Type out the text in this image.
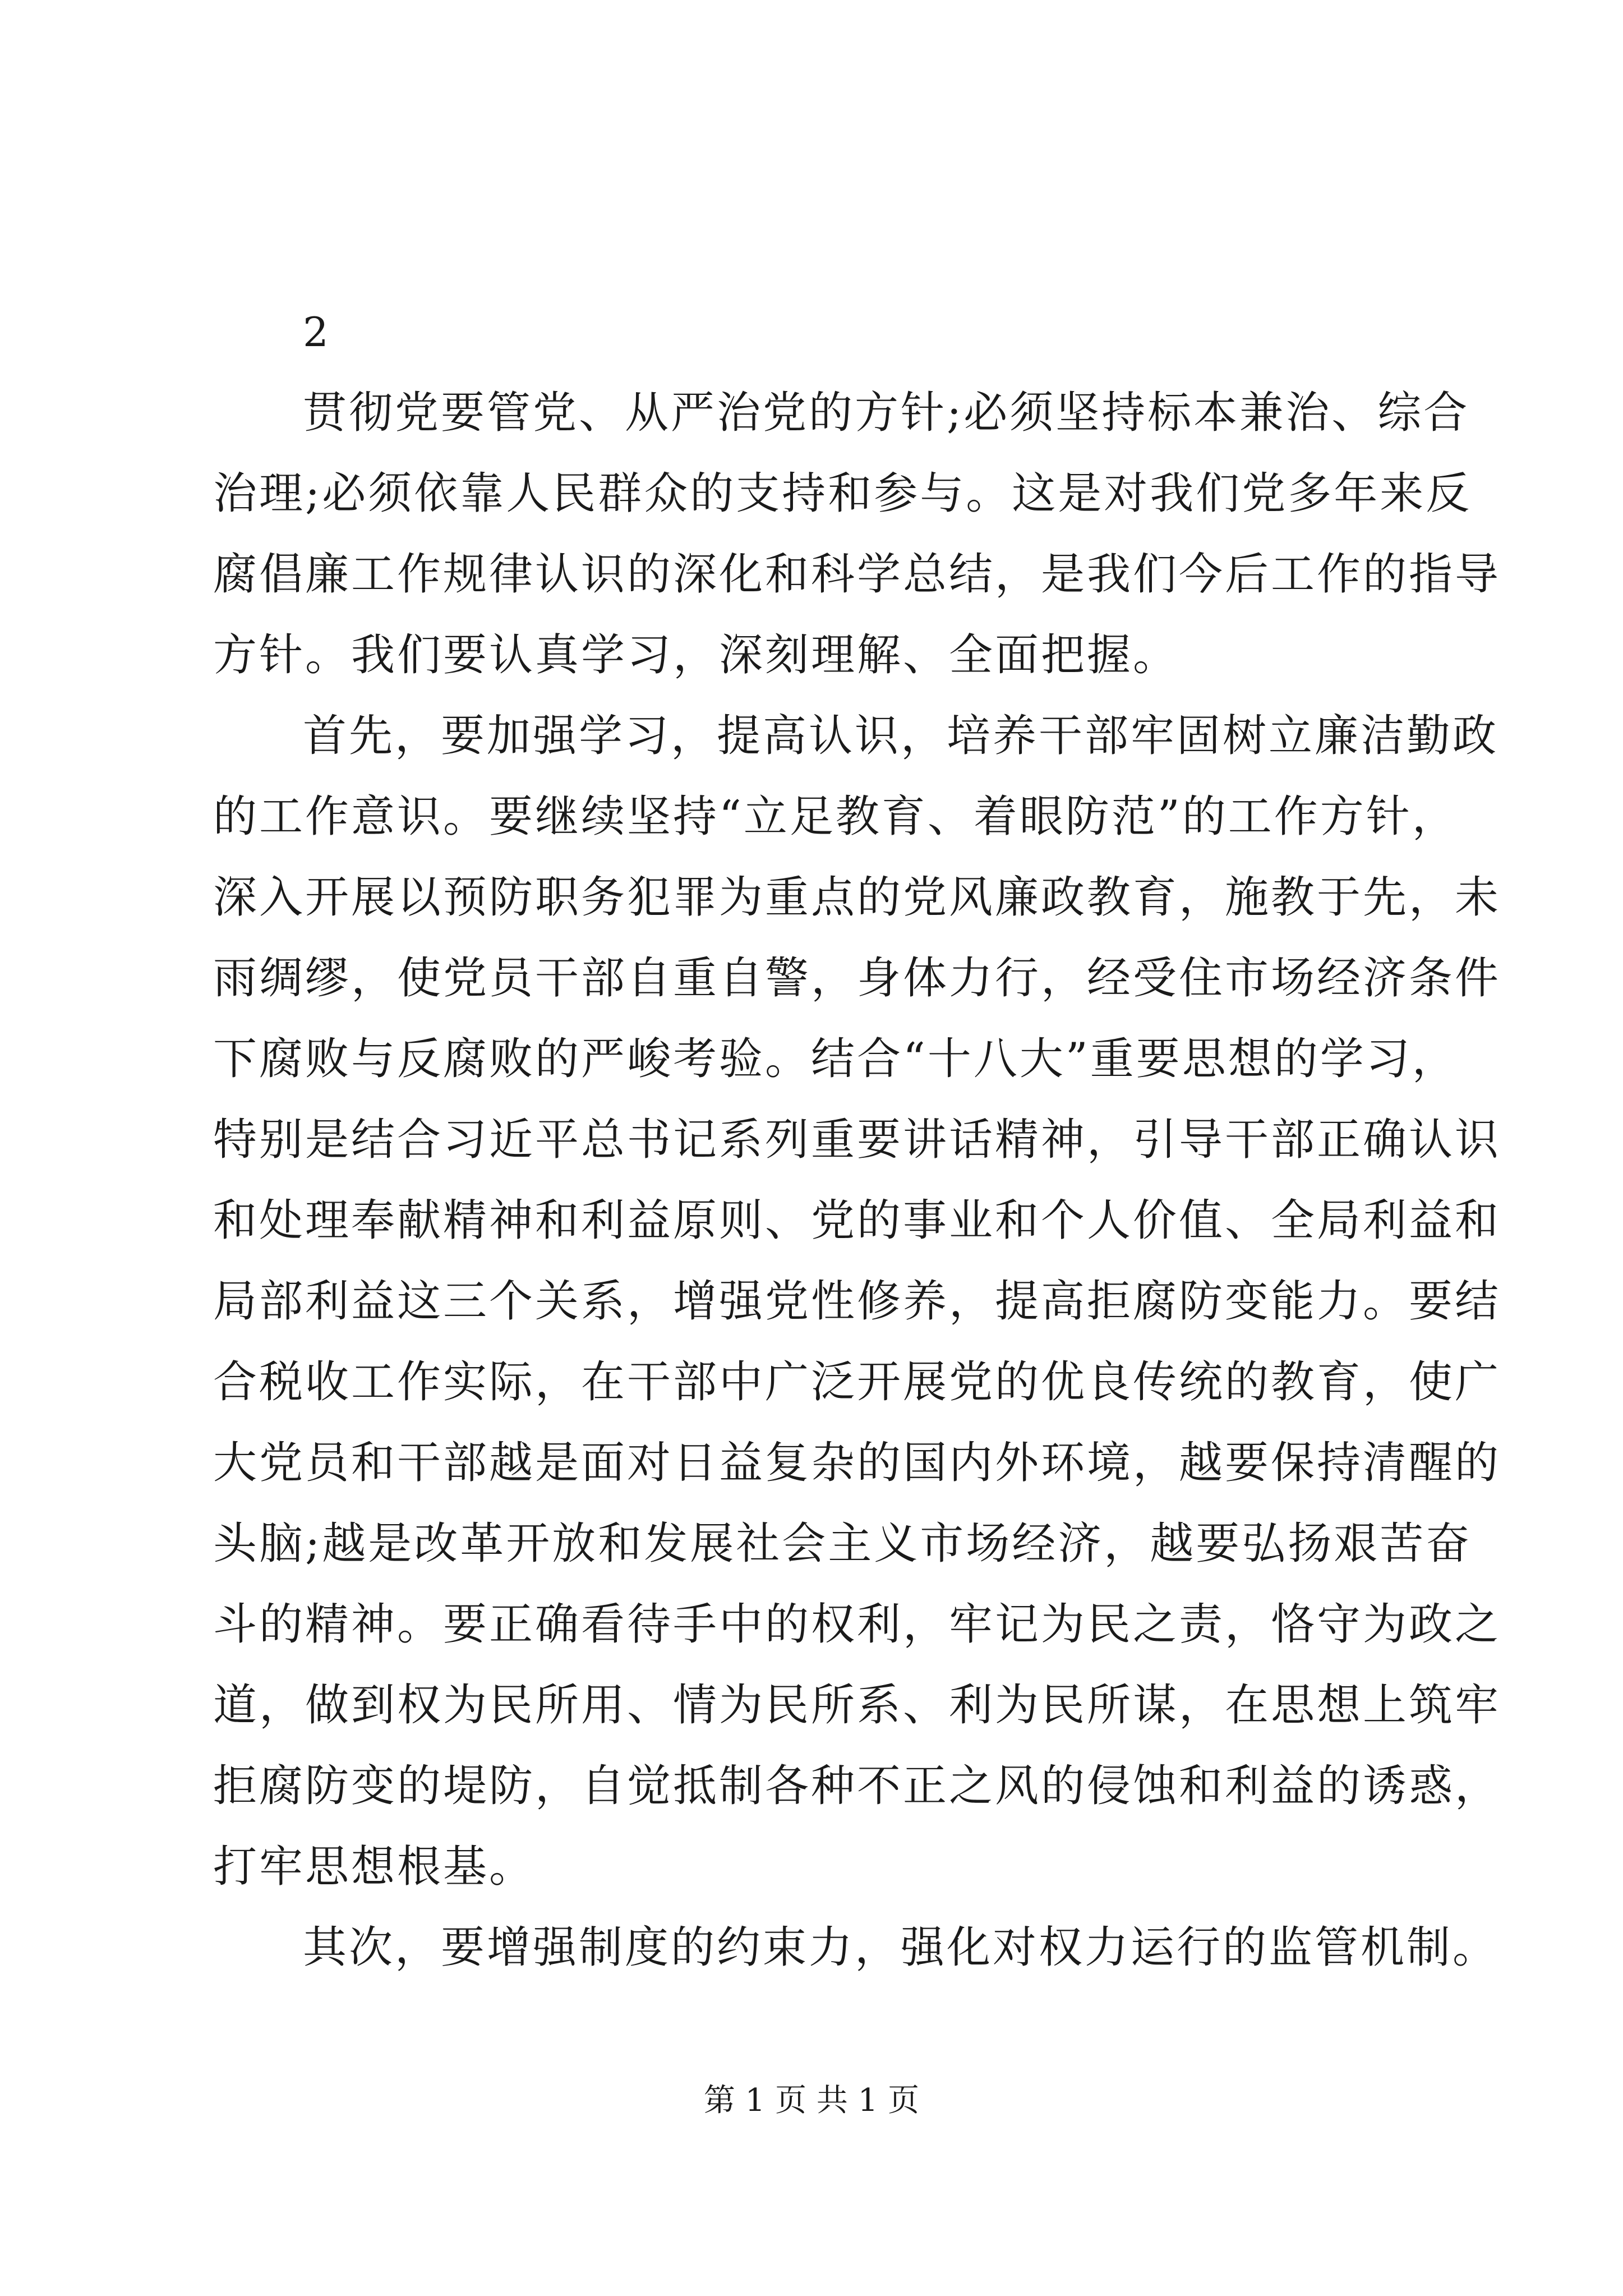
2
贯彻党要管党、从严治党的方针;必须坚持标本兼治、综合
治理;必须依靠人民群众的支持和参与。这是对我们党多年来反
腐倡廉工作规律认识的深化和科学总结，是我们今后工作的指导
方针。我们要认真学习，深刻理解、全面把握。
首先，要加强学习，提高认识，培养干部牢固树立廉洁勤政
的工作意识。要继续坚持“立足教育、着眼防范”的工作方针，
深入开展以预防职务犯罪为重点的党风廉政教育，施教于先，未
雨绸缪，使党员干部自重自警，身体力行，经受住市场经济条件
下腐败与反腐败的严峻考验。结合“十八大”重要思想的学习，
特别是结合习近平总书记系列重要讲话精神，引导干部正确认识
和处理奉献精神和利益原则、党的事业和个人价值、全局利益和
局部利益这三个关系，增强党性修养，提高拒腐防变能力。要结
合税收工作实际，在干部中广泛开展党的优良传统的教育，使广
大党员和干部越是面对日益复杂的国内外环境，越要保持清醒的
头脑;越是改革开放和发展社会主义市场经济，越要弘扬艰苦奋
斗的精神。要正确看待手中的权利，牢记为民之责，恪守为政之
道，做到权为民所用、情为民所系、利为民所谋，在思想上筑牢
拒腐防变的堤防，自觉抵制各种不正之风的侵蚀和利益的诱惑，
打牢思想根基。
其次，要增强制度的约束力，强化对权力运行的监管机制。
第 1 页 共 1 页
